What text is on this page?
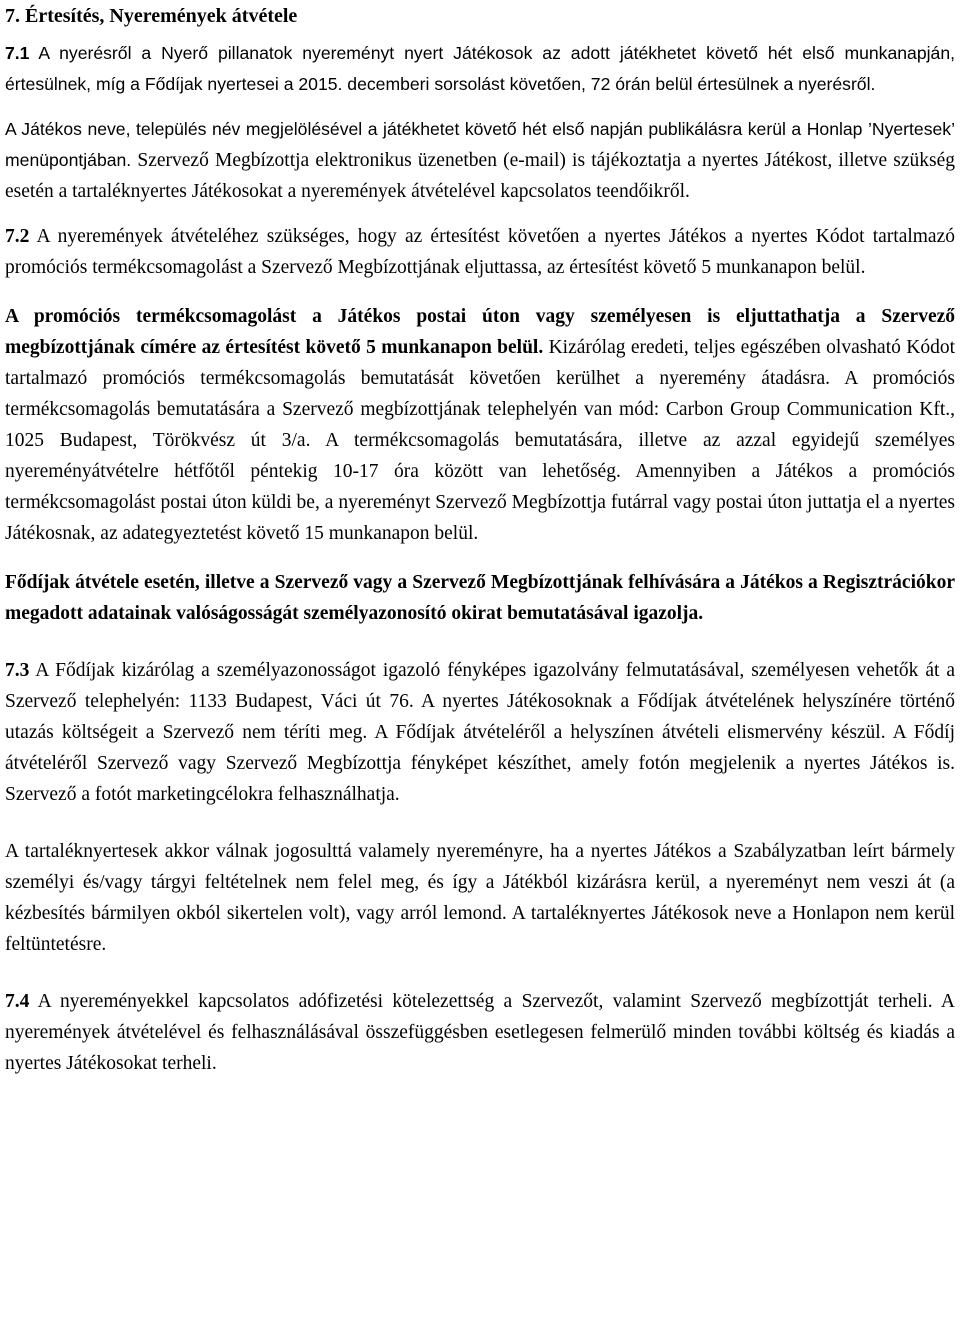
7. Értesítés, Nyeremények átvétele

7.1 A nyerésről a Nyerő pillanatok nyereményt nyert Játékosok az adott játékhetet követő hét első munkanapján, értesülnek, míg a Fődíjak nyertesei a 2015. decemberi sorsolást követően, 72 órán belül értesülnek a nyerésről.

A Játékos neve, település név megjelölésével a játékhetet követő hét első napján publikálásra kerül a Honlap ’Nyertesek’ menüpontjában. Szervező Megbízottja elektronikus üzenetben (e-mail) is tájékoztatja a nyertes Játékost, illetve szükség esetén a tartaléknyertes Játékosokat a nyeremények átvételével kapcsolatos teendőikről.

7.2 A nyeremények átvételéhez szükséges, hogy az értesítést követően a nyertes Játékos a nyertes Kódot tartalmazó promóciós termékcsomagolást a Szervező Megbízottjának eljuttassa, az értesítést követő 5 munkanapon belül.

A promóciós termékcsomagolást a Játékos postai úton vagy személyesen is eljuttathatja a Szervező megbízottjának címére az értesítést követő 5 munkanapon belül. Kizárólag eredeti, teljes egészében olvasható Kódot tartalmazó promóciós termékcsomagolás bemutatását követően kerülhet a nyeremény átadásra. A promóciós termékcsomagolás bemutatására a Szervező megbízottjának telephelyén van mód: Carbon Group Communication Kft., 1025 Budapest, Törökvész út 3/a. A termékcsomagolás bemutatására, illetve az azzal egyidejű személyes nyereményátvételre hétfőtől péntekig 10-17 óra között van lehetőség. Amennyiben a Játékos a promóciós termékcsomagolást postai úton küldi be, a nyereményt Szervező Megbízottja futárral vagy postai úton juttatja el a nyertes Játékosnak, az adategyeztetést követő 15 munkanapon belül.

Fődíjak átvétele esetén, illetve a Szervező vagy a Szervező Megbízottjának felhívására a Játékos a Regisztrációkor megadott adatainak valóságosságát személyazonosító okirat bemutatásával igazolja.

7.3 A Fődíjak kizárólag a személyazonosságot igazoló fényképes igazolvány felmutatásával, személyesen vehetők át a Szervező telephelyén: 1133 Budapest, Váci út 76. A nyertes Játékosoknak a Fődíjak átvételének helyszínére történő utazás költségeit a Szervező nem téríti meg. A Fődíjak átvételéről a helyszínen átvételi elismervény készül. A Fődíj átvételéről Szervező vagy Szervező Megbízottja fényképet készíthet, amely fotón megjelenik a nyertes Játékos is. Szervező a fotót marketingcélokra felhasználhatja.

A tartaléknyertesek akkor válnak jogosulttá valamely nyereményre, ha a nyertes Játékos a Szabályzatban leírt bármely személyi és/vagy tárgyi feltételnek nem felel meg, és így a Játékból kizárásra kerül, a nyereményt nem veszi át (a kézbesítés bármilyen okból sikertelen volt), vagy arról lemond. A tartaléknyertes Játékosok neve a Honlapon nem kerül feltüntetésre.

7.4 A nyereményekkel kapcsolatos adófizetési kötelezettség a Szervezőt, valamint Szervező megbízottját terheli. A nyeremények átvételével és felhasználásával összefüggésben esetlegesen felmerülő minden további költség és kiadás a nyertes Játékosokat terheli.
